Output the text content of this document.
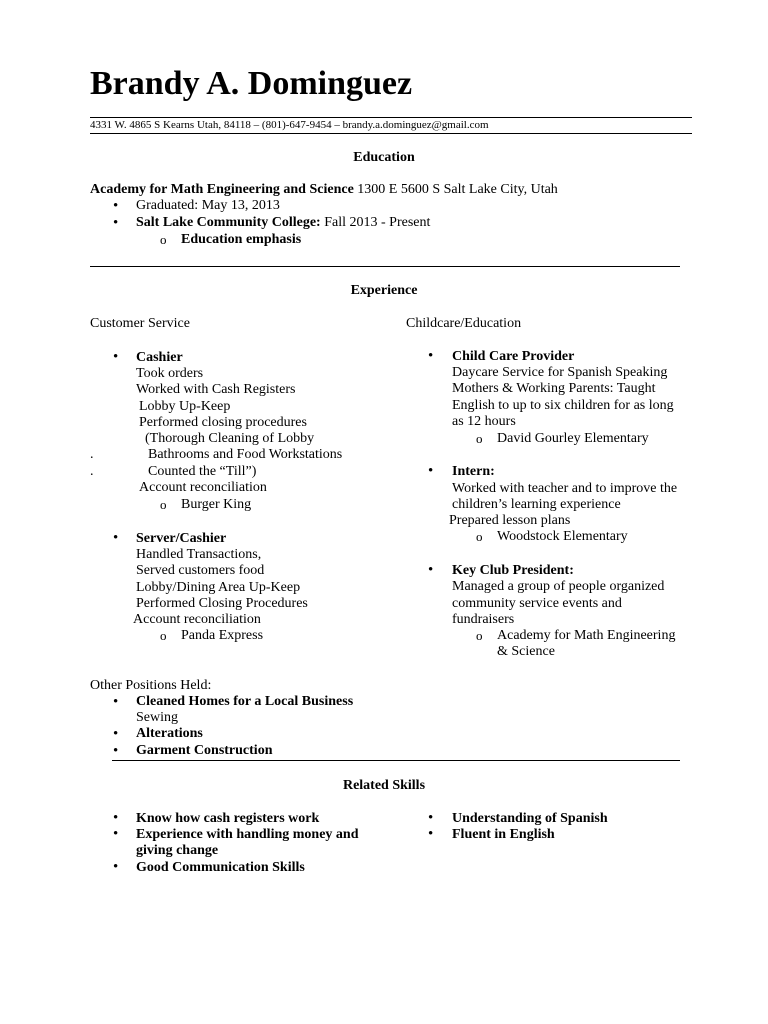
Brandy A. Dominguez
4331 W. 4865 S Kearns Utah, 84118 – (801)-647-9454 – brandy.a.dominguez@gmail.com
Education
Academy for Math Engineering and Science 1300 E 5600 S Salt Lake City, Utah
• Graduated: May 13, 2013
• Salt Lake Community College: Fall 2013 - Present
o Education emphasis
Experience
Customer Service	Childcare/Education
• Cashier
Took orders
Worked with Cash Registers
Lobby Up-Keep
Performed closing procedures
(Thorough Cleaning of Lobby
.	Bathrooms and Food Workstations
.	Counted the “Till”)
Account reconciliation
o Burger King
• Server/Cashier
Handled Transactions,
Served customers food
Lobby/Dining Area Up-Keep
Performed Closing Procedures
Account reconciliation
o Panda Express
• Child Care Provider
Daycare Service for Spanish Speaking
Mothers & Working Parents: Taught
English to up to six children for as long
as 12 hours
o David Gourley Elementary
• Intern:
Worked with teacher and to improve the
children’s learning experience
Prepared lesson plans
o Woodstock Elementary
• Key Club President:
Managed a group of people organized
community service events and
fundraisers
o Academy for Math Engineering
& Science
Other Positions Held:
• Cleaned Homes for a Local Business
Sewing
• Alterations
• Garment Construction
Related Skills
• Know how cash registers work
• Experience with handling money and
giving change
• Good Communication Skills
• Understanding of Spanish
• Fluent in English
